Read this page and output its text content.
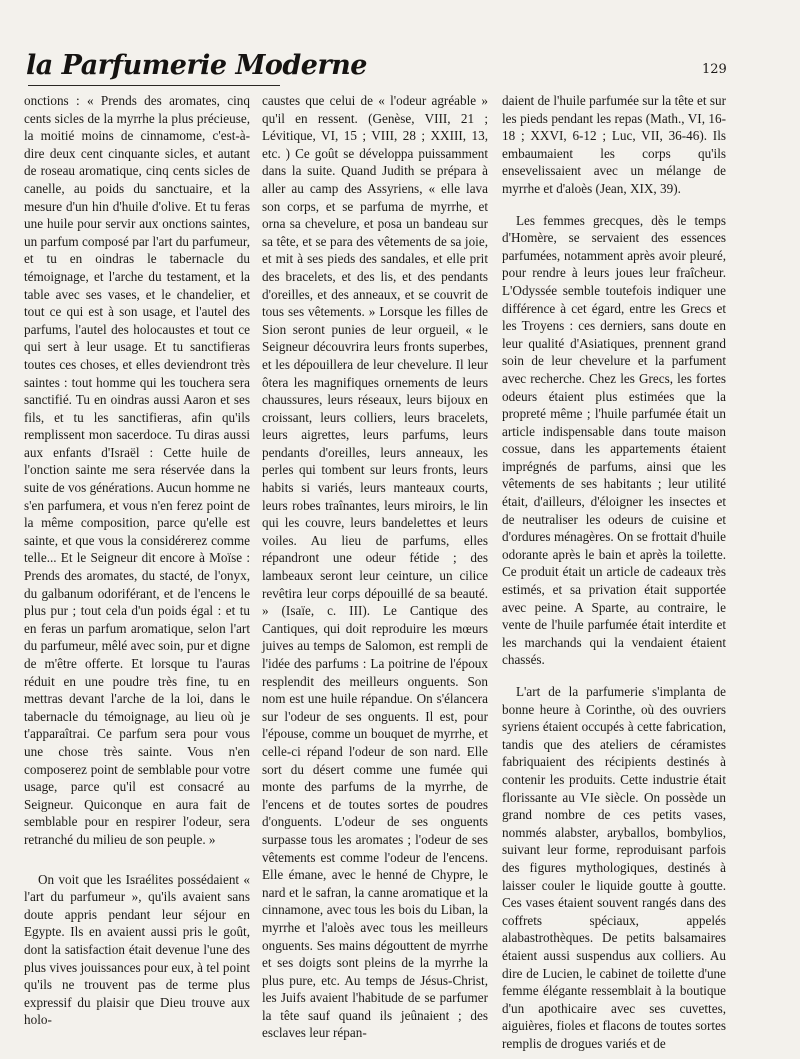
la Parfumerie Moderne	129

onctions : « Prends des aromates, cinq cents sicles de la myrrhe la plus précieuse, la moitié moins de cinnamome, c'est-à-dire deux cent cinquante sicles, et autant de roseau aromatique, cinq cents sicles de canelle, au poids du sanctuaire, et la mesure d'un hin d'huile d'olive. Et tu feras une huile pour servir aux onctions saintes, un parfum composé par l'art du parfumeur, et tu en oindras le tabernacle du témoignage, et l'arche du testament, et la table avec ses vases, et le chandelier, et tout ce qui est à son usage, et l'autel des parfums, l'autel des holocaustes et tout ce qui sert à leur usage. Et tu sanctifieras toutes ces choses, et elles deviendront très saintes : tout homme qui les touchera sera sanctifié. Tu en oindras aussi Aaron et ses fils, et tu les sanctifieras, afin qu'ils remplissent mon sacerdoce. Tu diras aussi aux enfants d'Israël : Cette huile de l'onction sainte me sera réservée dans la suite de vos générations. Aucun homme ne s'en parfumera, et vous n'en ferez point de la même composition, parce qu'elle est sainte, et que vous la considérerez comme telle... Et le Seigneur dit encore à Moïse : Prends des aromates, du stacté, de l'onyx, du galbanum odoriférant, et de l'encens le plus pur ; tout cela d'un poids égal : et tu en feras un parfum aromatique, selon l'art du parfumeur, mêlé avec soin, pur et digne de m'être offerte. Et lorsque tu l'auras réduit en une poudre très fine, tu en mettras devant l'arche de la loi, dans le tabernacle du témoignage, au lieu où je t'apparaîtrai. Ce parfum sera pour vous une chose très sainte. Vous n'en composerez point de semblable pour votre usage, parce qu'il est consacré au Seigneur. Quiconque en aura fait de semblable pour en respirer l'odeur, sera retranché du milieu de son peuple. »

On voit que les Israélites possédaient « l'art du parfumeur », qu'ils avaient sans doute appris pendant leur séjour en Egypte. Ils en avaient aussi pris le goût, dont la satisfaction était devenue l'une des plus vives jouissances pour eux, à tel point qu'ils ne trouvent pas de terme plus expressif du plaisir que Dieu trouve aux holo-

caustes que celui de « l'odeur agréable » qu'il en ressent. (Genèse, VIII, 21 ; Lévitique, VI, 15 ; VIII, 28 ; XXIII, 13, etc. ) Ce goût se développa puissamment dans la suite. Quand Judith se prépara à aller au camp des Assyriens, « elle lava son corps, et se parfuma de myrrhe, et orna sa chevelure, et posa un bandeau sur sa tête, et se para des vêtements de sa joie, et mit à ses pieds des sandales, et elle prit des bracelets, et des lis, et des pendants d'oreilles, et des anneaux, et se couvrit de tous ses vêtements. » Lorsque les filles de Sion seront punies de leur orgueil, « le Seigneur découvrira leurs fronts superbes, et les dépouillera de leur chevelure. Il leur ôtera les magnifiques ornements de leurs chaussures, leurs réseaux, leurs bijoux en croissant, leurs colliers, leurs bracelets, leurs aigrettes, leurs parfums, leurs pendants d'oreilles, leurs anneaux, les perles qui tombent sur leurs fronts, leurs habits si variés, leurs manteaux courts, leurs robes traînantes, leurs miroirs, le lin qui les couvre, leurs bandelettes et leurs voiles. Au lieu de parfums, elles répandront une odeur fétide ; des lambeaux seront leur ceinture, un cilice revêtira leur corps dépouillé de sa beauté. » (Isaïe, c. III). Le Cantique des Cantiques, qui doit reproduire les mœurs juives au temps de Salomon, est rempli de l'idée des parfums : La poitrine de l'époux resplendit des meilleurs onguents. Son nom est une huile répandue. On s'élancera sur l'odeur de ses onguents. Il est, pour l'épouse, comme un bouquet de myrrhe, et celle-ci répand l'odeur de son nard. Elle sort du désert comme une fumée qui monte des parfums de la myrrhe, de l'encens et de toutes sortes de poudres d'onguents. L'odeur de ses onguents surpasse tous les aromates ; l'odeur de ses vêtements est comme l'odeur de l'encens. Elle émane, avec le henné de Chypre, le nard et le safran, la canne aromatique et la cinnamone, avec tous les bois du Liban, la myrrhe et l'aloès avec tous les meilleurs onguents. Ses mains dégouttent de myrrhe et ses doigts sont pleins de la myrrhe la plus pure, etc. Au temps de Jésus-Christ, les Juifs avaient l'habitude de se parfumer la tête sauf quand ils jeûnaient ; des esclaves leur répan-

daient de l'huile parfumée sur la tête et sur les pieds pendant les repas (Math., VI, 16-18 ; XXVI, 6-12 ; Luc, VII, 36-46). Ils embaumaient les corps qu'ils ensevelissaient avec un mélange de myrrhe et d'aloès (Jean, XIX, 39).

Les femmes grecques, dès le temps d'Homère, se servaient des essences parfumées, notamment après avoir pleuré, pour rendre à leurs joues leur fraîcheur. L'Odyssée semble toutefois indiquer une différence à cet égard, entre les Grecs et les Troyens : ces derniers, sans doute en leur qualité d'Asiatiques, prennent grand soin de leur chevelure et la parfument avec recherche. Chez les Grecs, les fortes odeurs étaient plus estimées que la propreté même ; l'huile parfumée était un article indispensable dans toute maison cossue, dans les appartements étaient imprégnés de parfums, ainsi que les vêtements de ses habitants ; leur utilité était, d'ailleurs, d'éloigner les insectes et de neutraliser les odeurs de cuisine et d'ordures ménagères. On se frottait d'huile odorante après le bain et après la toilette. Ce produit était un article de cadeaux très estimés, et sa privation était supportée avec peine. A Sparte, au contraire, le vente de l'huile parfumée était interdite et les marchands qui la vendaient étaient chassés.

L'art de la parfumerie s'implanta de bonne heure à Corinthe, où des ouvriers syriens étaient occupés à cette fabrication, tandis que des ateliers de céramistes fabriquaient des récipients destinés à contenir les produits. Cette industrie était florissante au VIe siècle. On possède un grand nombre de ces petits vases, nommés alabster, aryballos, bombylios, suivant leur forme, reproduisant parfois des figures mythologiques, destinés à laisser couler le liquide goutte à goutte. Ces vases étaient souvent rangés dans des coffrets spéciaux, appelés alabastrothèques. De petits balsamaires étaient aussi suspendus aux colliers. Au dire de Lucien, le cabinet de toilette d'une femme élégante ressemblait à la boutique d'un apothicaire avec ses cuvettes, aiguières, fioles et flacons de toutes sortes remplis de drogues variés et de
